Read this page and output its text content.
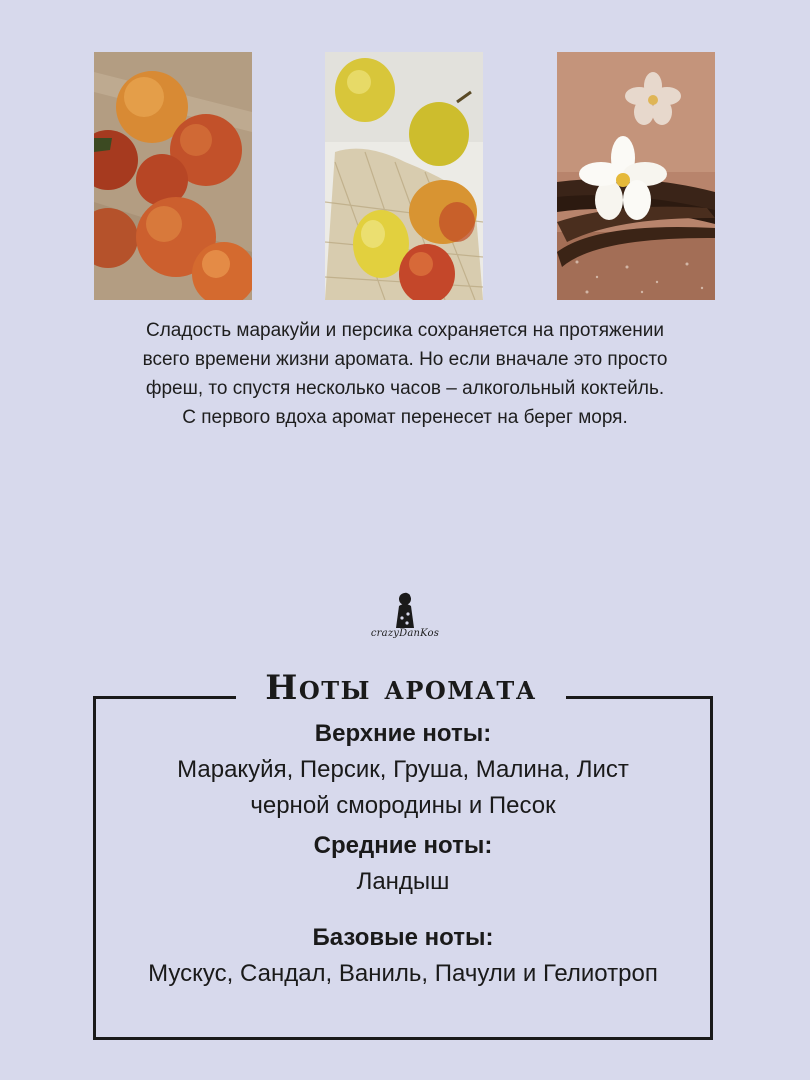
Сладость маракуйи и персика сохраняется на протяжении

всего времени жизни аромата. Но если вначале это просто

фреш, то спустя несколько часов – алкогольный коктейль.

С первого вдоха аромат перенесет на берег моря.

crazyDanKos
Ноты аромата

Верхние ноты:

Маракуйя, Персик, Груша, Малина, Лист

черной смородины и Песок

Средние ноты:

Ландыш

Базовые ноты:

Мускус, Сандал, Ваниль, Пачули и Гелиотроп
